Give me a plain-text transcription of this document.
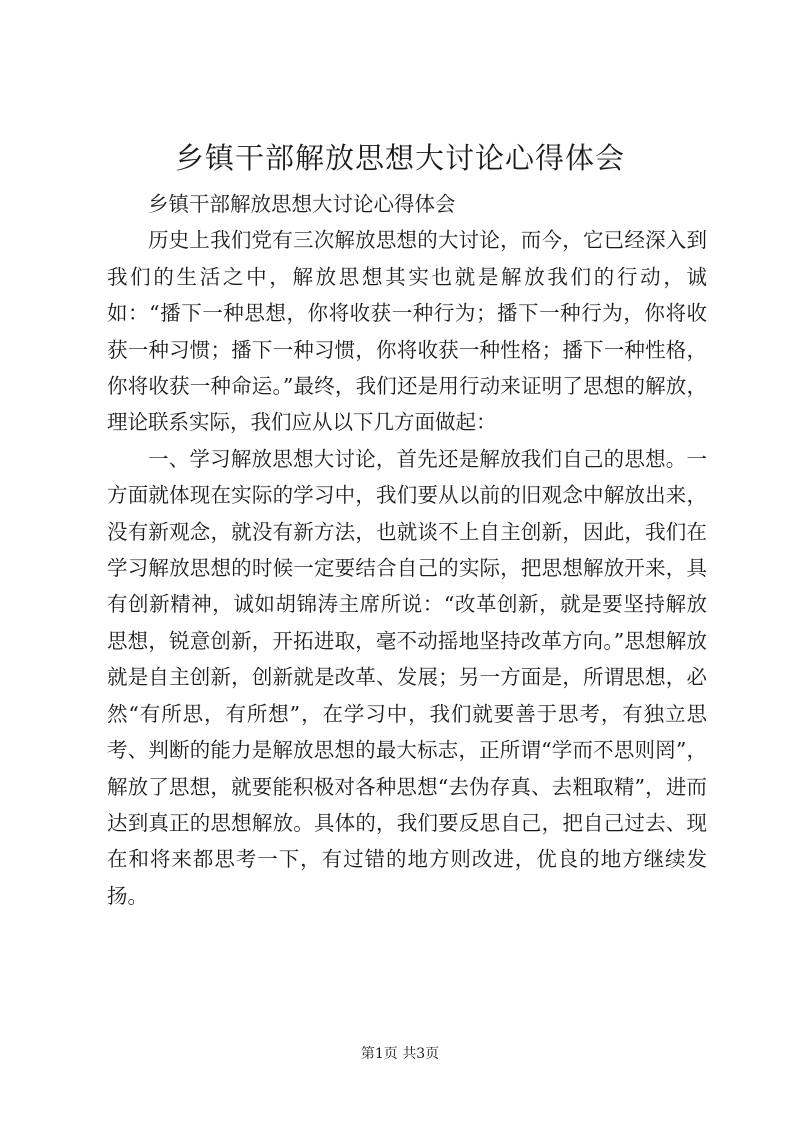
乡镇干部解放思想大讨论心得体会

乡镇干部解放思想大讨论心得体会

历史上我们党有三次解放思想的大讨论，而今，它已经深入到我们的生活之中，解放思想其实也就是解放我们的行动，诚如：“播下一种思想，你将收获一种行为；播下一种行为，你将收获一种习惯；播下一种习惯，你将收获一种性格；播下一种性格，你将收获一种命运。”最终，我们还是用行动来证明了思想的解放，理论联系实际，我们应从以下几方面做起：

一、学习解放思想大讨论，首先还是解放我们自己的思想。一方面就体现在实际的学习中，我们要从以前的旧观念中解放出来，没有新观念，就没有新方法，也就谈不上自主创新，因此，我们在学习解放思想的时候一定要结合自己的实际，把思想解放开来，具有创新精神，诚如胡锦涛主席所说：“改革创新，就是要坚持解放思想，锐意创新，开拓进取，毫不动摇地坚持改革方向。”思想解放就是自主创新，创新就是改革、发展；另一方面是，所谓思想，必然“有所思，有所想”，在学习中，我们就要善于思考，有独立思考、判断的能力是解放思想的最大标志，正所谓“学而不思则罔”，解放了思想，就要能积极对各种思想“去伪存真、去粗取精”，进而达到真正的思想解放。具体的，我们要反思自己，把自己过去、现在和将来都思考一下，有过错的地方则改进，优良的地方继续发扬。

第1页 共3页
